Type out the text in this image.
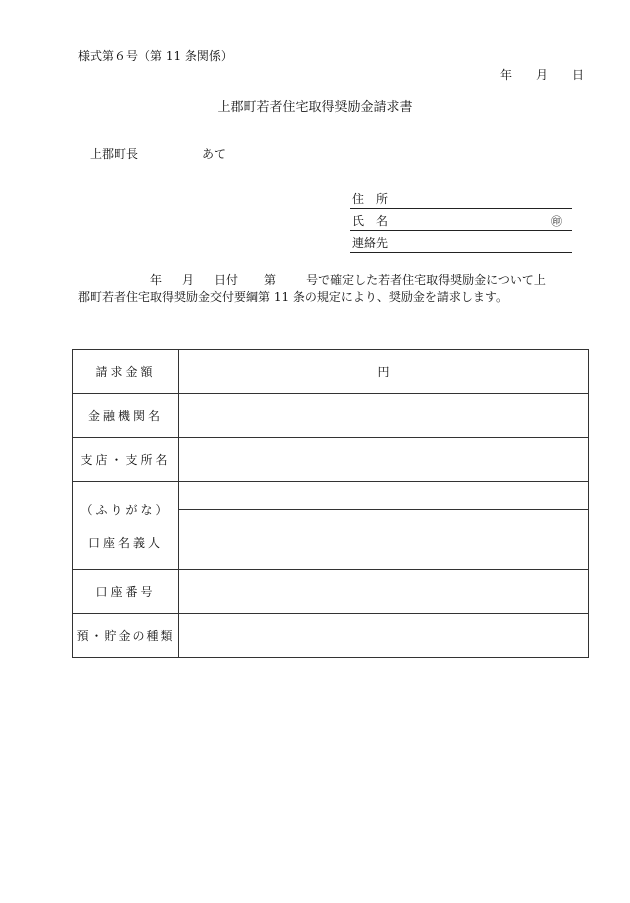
様式第６号（第 11 条関係）
年 月 日
上郡町若者住宅取得奨励金請求書
上郡町長	あて
住　所
氏　名	㊞
連絡先
年 月 日付 第	号で確定した若者住宅取得奨励金について上
郡町若者住宅取得奨励金交付要綱第 11 条の規定により、奨励金を請求します。
請求金額	円
金融機関名	
支店・支所名	

（ふりがな）
口座名義人	

口座番号	
預・貯金の種類	
